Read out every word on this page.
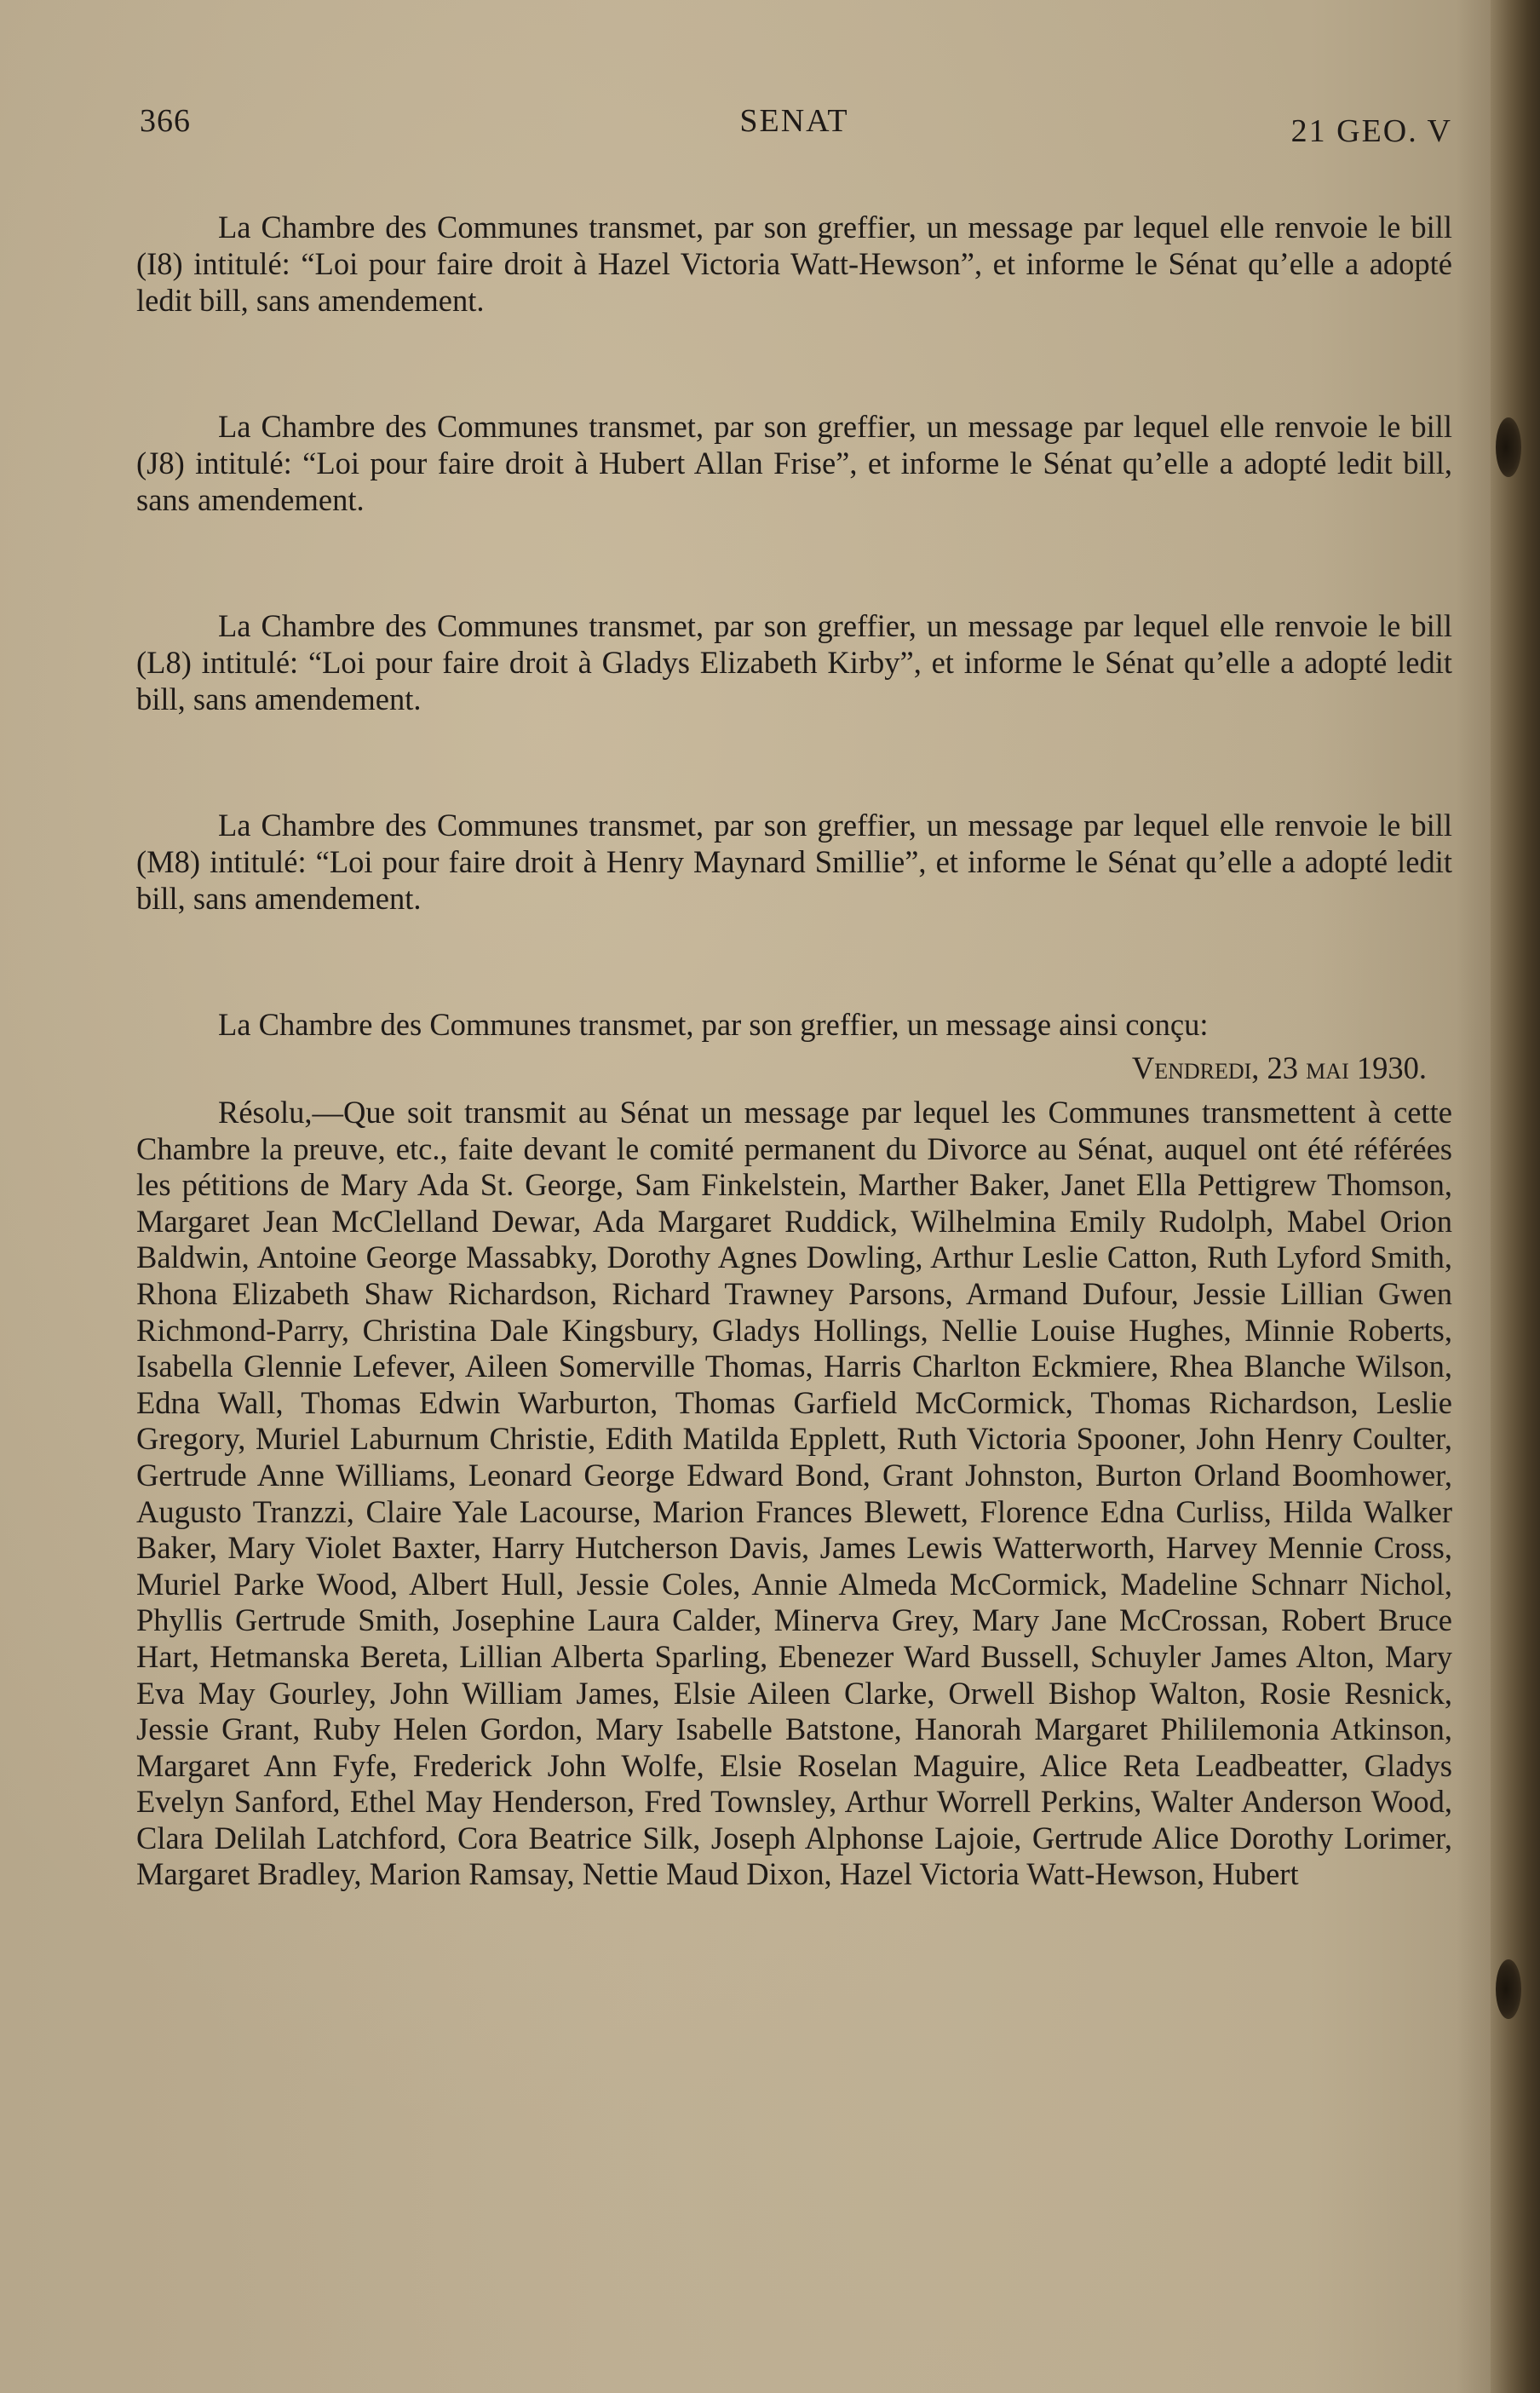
366	SENAT	21 GEO. V

La Chambre des Communes transmet, par son greffier, un message par lequel elle renvoie le bill (I8) intitulé: “Loi pour faire droit à Hazel Victoria Watt-Hewson”, et informe le Sénat qu’elle a adopté ledit bill, sans amendement.

La Chambre des Communes transmet, par son greffier, un message par lequel elle renvoie le bill (J8) intitulé: “Loi pour faire droit à Hubert Allan Frise”, et informe le Sénat qu’elle a adopté ledit bill, sans amendement.

La Chambre des Communes transmet, par son greffier, un message par lequel elle renvoie le bill (L8) intitulé: “Loi pour faire droit à Gladys Elizabeth Kirby”, et informe le Sénat qu’elle a adopté ledit bill, sans amendement.

La Chambre des Communes transmet, par son greffier, un message par lequel elle renvoie le bill (M8) intitulé: “Loi pour faire droit à Henry Maynard Smillie”, et informe le Sénat qu’elle a adopté ledit bill, sans amendement.

La Chambre des Communes transmet, par son greffier, un message ainsi conçu:

Vendredi, 23 mai 1930.

Résolu,—Que soit transmit au Sénat un message par lequel les Communes transmettent à cette Chambre la preuve, etc., faite devant le comité permanent du Divorce au Sénat, auquel ont été référées les pétitions de Mary Ada St. George, Sam Finkelstein, Marther Baker, Janet Ella Pettigrew Thomson, Margaret Jean McClelland Dewar, Ada Margaret Ruddick, Wilhelmina Emily Rudolph, Mabel Orion Baldwin, Antoine George Massabky, Dorothy Agnes Dowling, Arthur Leslie Catton, Ruth Lyford Smith, Rhona Elizabeth Shaw Richardson, Richard Trawney Parsons, Armand Dufour, Jessie Lillian Gwen Richmond-Parry, Christina Dale Kingsbury, Gladys Hollings, Nellie Louise Hughes, Minnie Roberts, Isabella Glennie Lefever, Aileen Somerville Thomas, Harris Charlton Eckmiere, Rhea Blanche Wilson, Edna Wall, Thomas Edwin Warburton, Thomas Garfield McCormick, Thomas Richardson, Leslie Gregory, Muriel Laburnum Christie, Edith Matilda Epplett, Ruth Victoria Spooner, John Henry Coulter, Gertrude Anne Williams, Leonard George Edward Bond, Grant Johnston, Burton Orland Boomhower, Augusto Tranzzi, Claire Yale Lacourse, Marion Frances Blewett, Florence Edna Curliss, Hilda Walker Baker, Mary Violet Baxter, Harry Hutcherson Davis, James Lewis Watterworth, Harvey Mennie Cross, Muriel Parke Wood, Albert Hull, Jessie Coles, Annie Almeda McCormick, Madeline Schnarr Nichol, Phyllis Gertrude Smith, Josephine Laura Calder, Minerva Grey, Mary Jane McCrossan, Robert Bruce Hart, Hetmanska Bereta, Lillian Alberta Sparling, Ebenezer Ward Bussell, Schuyler James Alton, Mary Eva May Gourley, John William James, Elsie Aileen Clarke, Orwell Bishop Walton, Rosie Resnick, Jessie Grant, Ruby Helen Gordon, Mary Isabelle Batstone, Hanorah Margaret Phililemonia Atkinson, Margaret Ann Fyfe, Frederick John Wolfe, Elsie Roselan Maguire, Alice Reta Leadbeatter, Gladys Evelyn Sanford, Ethel May Henderson, Fred Townsley, Arthur Worrell Perkins, Walter Anderson Wood, Clara Delilah Latchford, Cora Beatrice Silk, Joseph Alphonse Lajoie, Gertrude Alice Dorothy Lorimer, Margaret Bradley, Marion Ramsay, Nettie Maud Dixon, Hazel Victoria Watt-Hewson, Hubert
